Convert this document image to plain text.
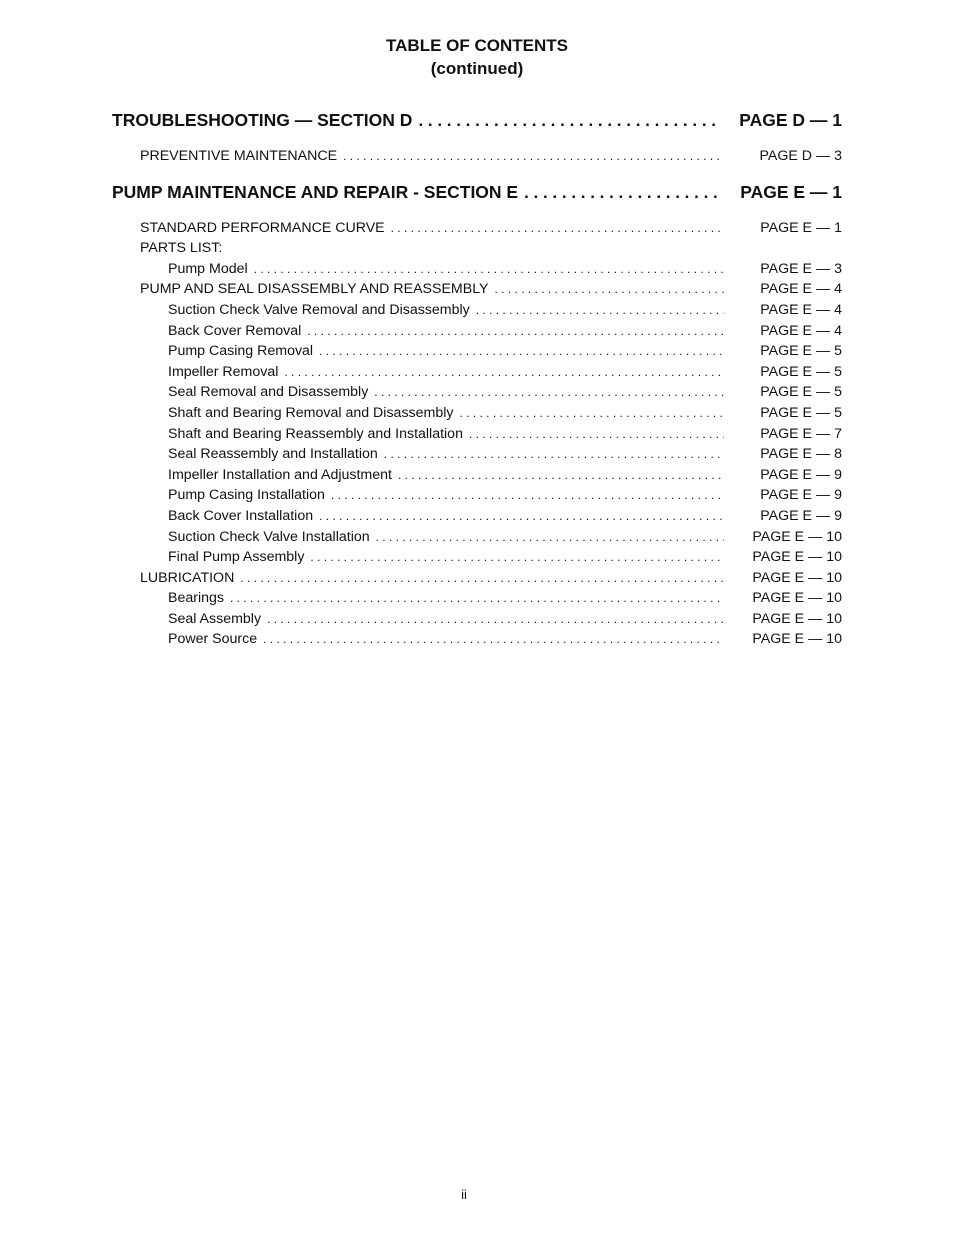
TABLE OF CONTENTS
(continued)
TROUBLESHOOTING — SECTION D . . .	PAGE D — 1
PREVENTIVE MAINTENANCE . . .	PAGE D — 3
PUMP MAINTENANCE AND REPAIR - SECTION E . . .	PAGE E — 1
STANDARD PERFORMANCE CURVE . . .	PAGE E — 1
PARTS LIST:
Pump Model . . .	PAGE E — 3
PUMP AND SEAL DISASSEMBLY AND REASSEMBLY . . .	PAGE E — 4
Suction Check Valve Removal and Disassembly . . .	PAGE E — 4
Back Cover Removal . . .	PAGE E — 4
Pump Casing Removal . . .	PAGE E — 5
Impeller Removal . . .	PAGE E — 5
Seal Removal and Disassembly . . .	PAGE E — 5
Shaft and Bearing Removal and Disassembly . . .	PAGE E — 5
Shaft and Bearing Reassembly and Installation . . .	PAGE E — 7
Seal Reassembly and Installation . . .	PAGE E — 8
Impeller Installation and Adjustment . . .	PAGE E — 9
Pump Casing Installation . . .	PAGE E — 9
Back Cover Installation . . .	PAGE E — 9
Suction Check Valve Installation . . .	PAGE E — 10
Final Pump Assembly . . .	PAGE E — 10
LUBRICATION . . .	PAGE E — 10
Bearings . . .	PAGE E — 10
Seal Assembly . . .	PAGE E — 10
Power Source . . .	PAGE E — 10
ii
